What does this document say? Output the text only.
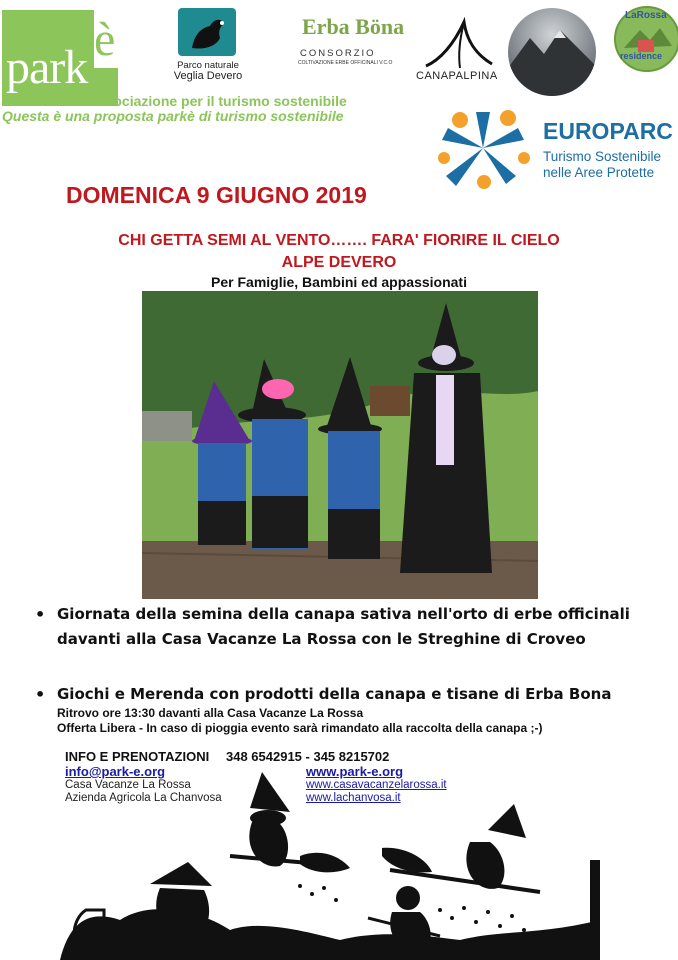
park
è
associazione per il turismo sostenibile
Questa è una proposta parkè di turismo sostenibile
Parco naturale
Veglia Devero
Erba Böna
CONSORZIO
COLTIVAZIONE ERBE OFFICINALI V.C.O
CANAPALPINA
LaRossa
residence
EUROPARC
Turismo Sostenibile
nelle Aree Protette
DOMENICA 9 GIUGNO 2019
CHI GETTA SEMI AL VENTO……. FARA' FIORIRE IL CIELO
ALPE DEVERO
Per Famiglie, Bambini ed appassionati
• Giornata della semina della canapa sativa nell'orto di erbe officinali davanti alla Casa Vacanze La Rossa con le Streghine di Croveo
• Giochi e Merenda con prodotti della canapa e tisane di Erba Bona
Ritrovo ore 13:30 davanti alla Casa Vacanze La Rossa
Offerta Libera - In caso di pioggia evento sarà rimandato alla raccolta della canapa ;-)
INFO E PRENOTAZIONI 348 6542915 - 345 8215702
info@park-e.org	www.park-e.org
Casa Vacanze La Rossa	www.casavacanzelarossa.it
Azienda Agricola La Chanvosa	www.lachanvosa.it
